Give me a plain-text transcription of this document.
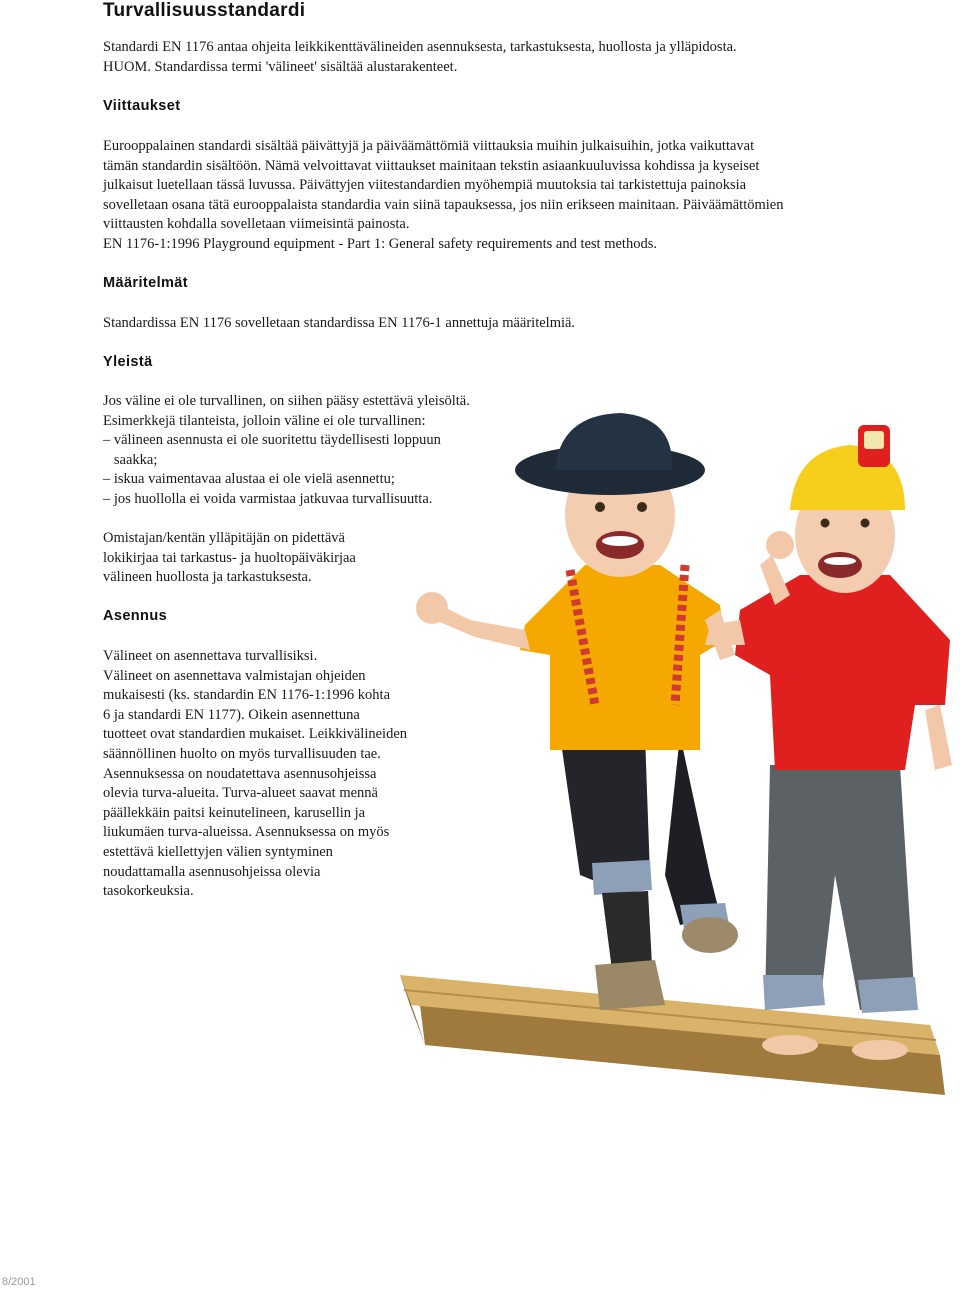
Turvallisuusstandardi
Standardi EN 1176 antaa ohjeita leikkikenttävälineiden asennuksesta, tarkastuksesta, huollosta ja ylläpidosta.
HUOM. Standardissa termi 'välineet' sisältää alustarakenteet.
Viittaukset
Eurooppalainen standardi sisältää päivättyjä ja päiväämättömiä viittauksia muihin julkaisuihin, jotka vaikuttavat
tämän standardin sisältöön. Nämä velvoittavat viittaukset mainitaan tekstin asiaankuuluvissa kohdissa ja kyseiset
julkaisut luetellaan tässä luvussa. Päivättyjen viitestandardien myöhempiä muutoksia tai tarkistettuja painoksia
sovelletaan osana tätä eurooppalaista standardia vain siinä tapauksessa, jos niin erikseen mainitaan. Päiväämättömien
viittausten kohdalla sovelletaan viimeisintä painosta.
EN 1176-1:1996 Playground equipment - Part 1: General safety requirements and test methods.
Määritelmät
Standardissa EN 1176 sovelletaan standardissa EN 1176-1 annettuja määritelmiä.
Yleistä
Jos väline ei ole turvallinen, on siihen pääsy estettävä yleisöltä.
Esimerkkejä tilanteista, jolloin väline ei ole turvallinen:
– välineen asennusta ei ole suoritettu täydellisesti loppuun
saakka;
– iskua vaimentavaa alustaa ei ole vielä asennettu;
– jos huollolla ei voida varmistaa jatkuvaa turvallisuutta.
Omistajan/kentän ylläpitäjän on pidettävä
lokikirjaa tai tarkastus- ja huoltopäiväkirjaa
välineen huollosta ja tarkastuksesta.
Asennus
Välineet on asennettava turvallisiksi.
Välineet on asennettava valmistajan ohjeiden
mukaisesti (ks. standardin EN 1176-1:1996 kohta
6 ja standardi EN 1177). Oikein asennettuna
tuotteet ovat standardien mukaiset. Leikkivälineiden
säännöllinen huolto on myös turvallisuuden tae.
Asennuksessa on noudatettava asennusohjeissa
olevia turva-alueita. Turva-alueet saavat mennä
päällekkäin paitsi keinutelineen, karusellin ja
liukumäen turva-alueissa. Asennuksessa on myös
estettävä kiellettyjen välien syntyminen
noudattamalla asennusohjeissa olevia
tasokorkeuksia.
8/2001
